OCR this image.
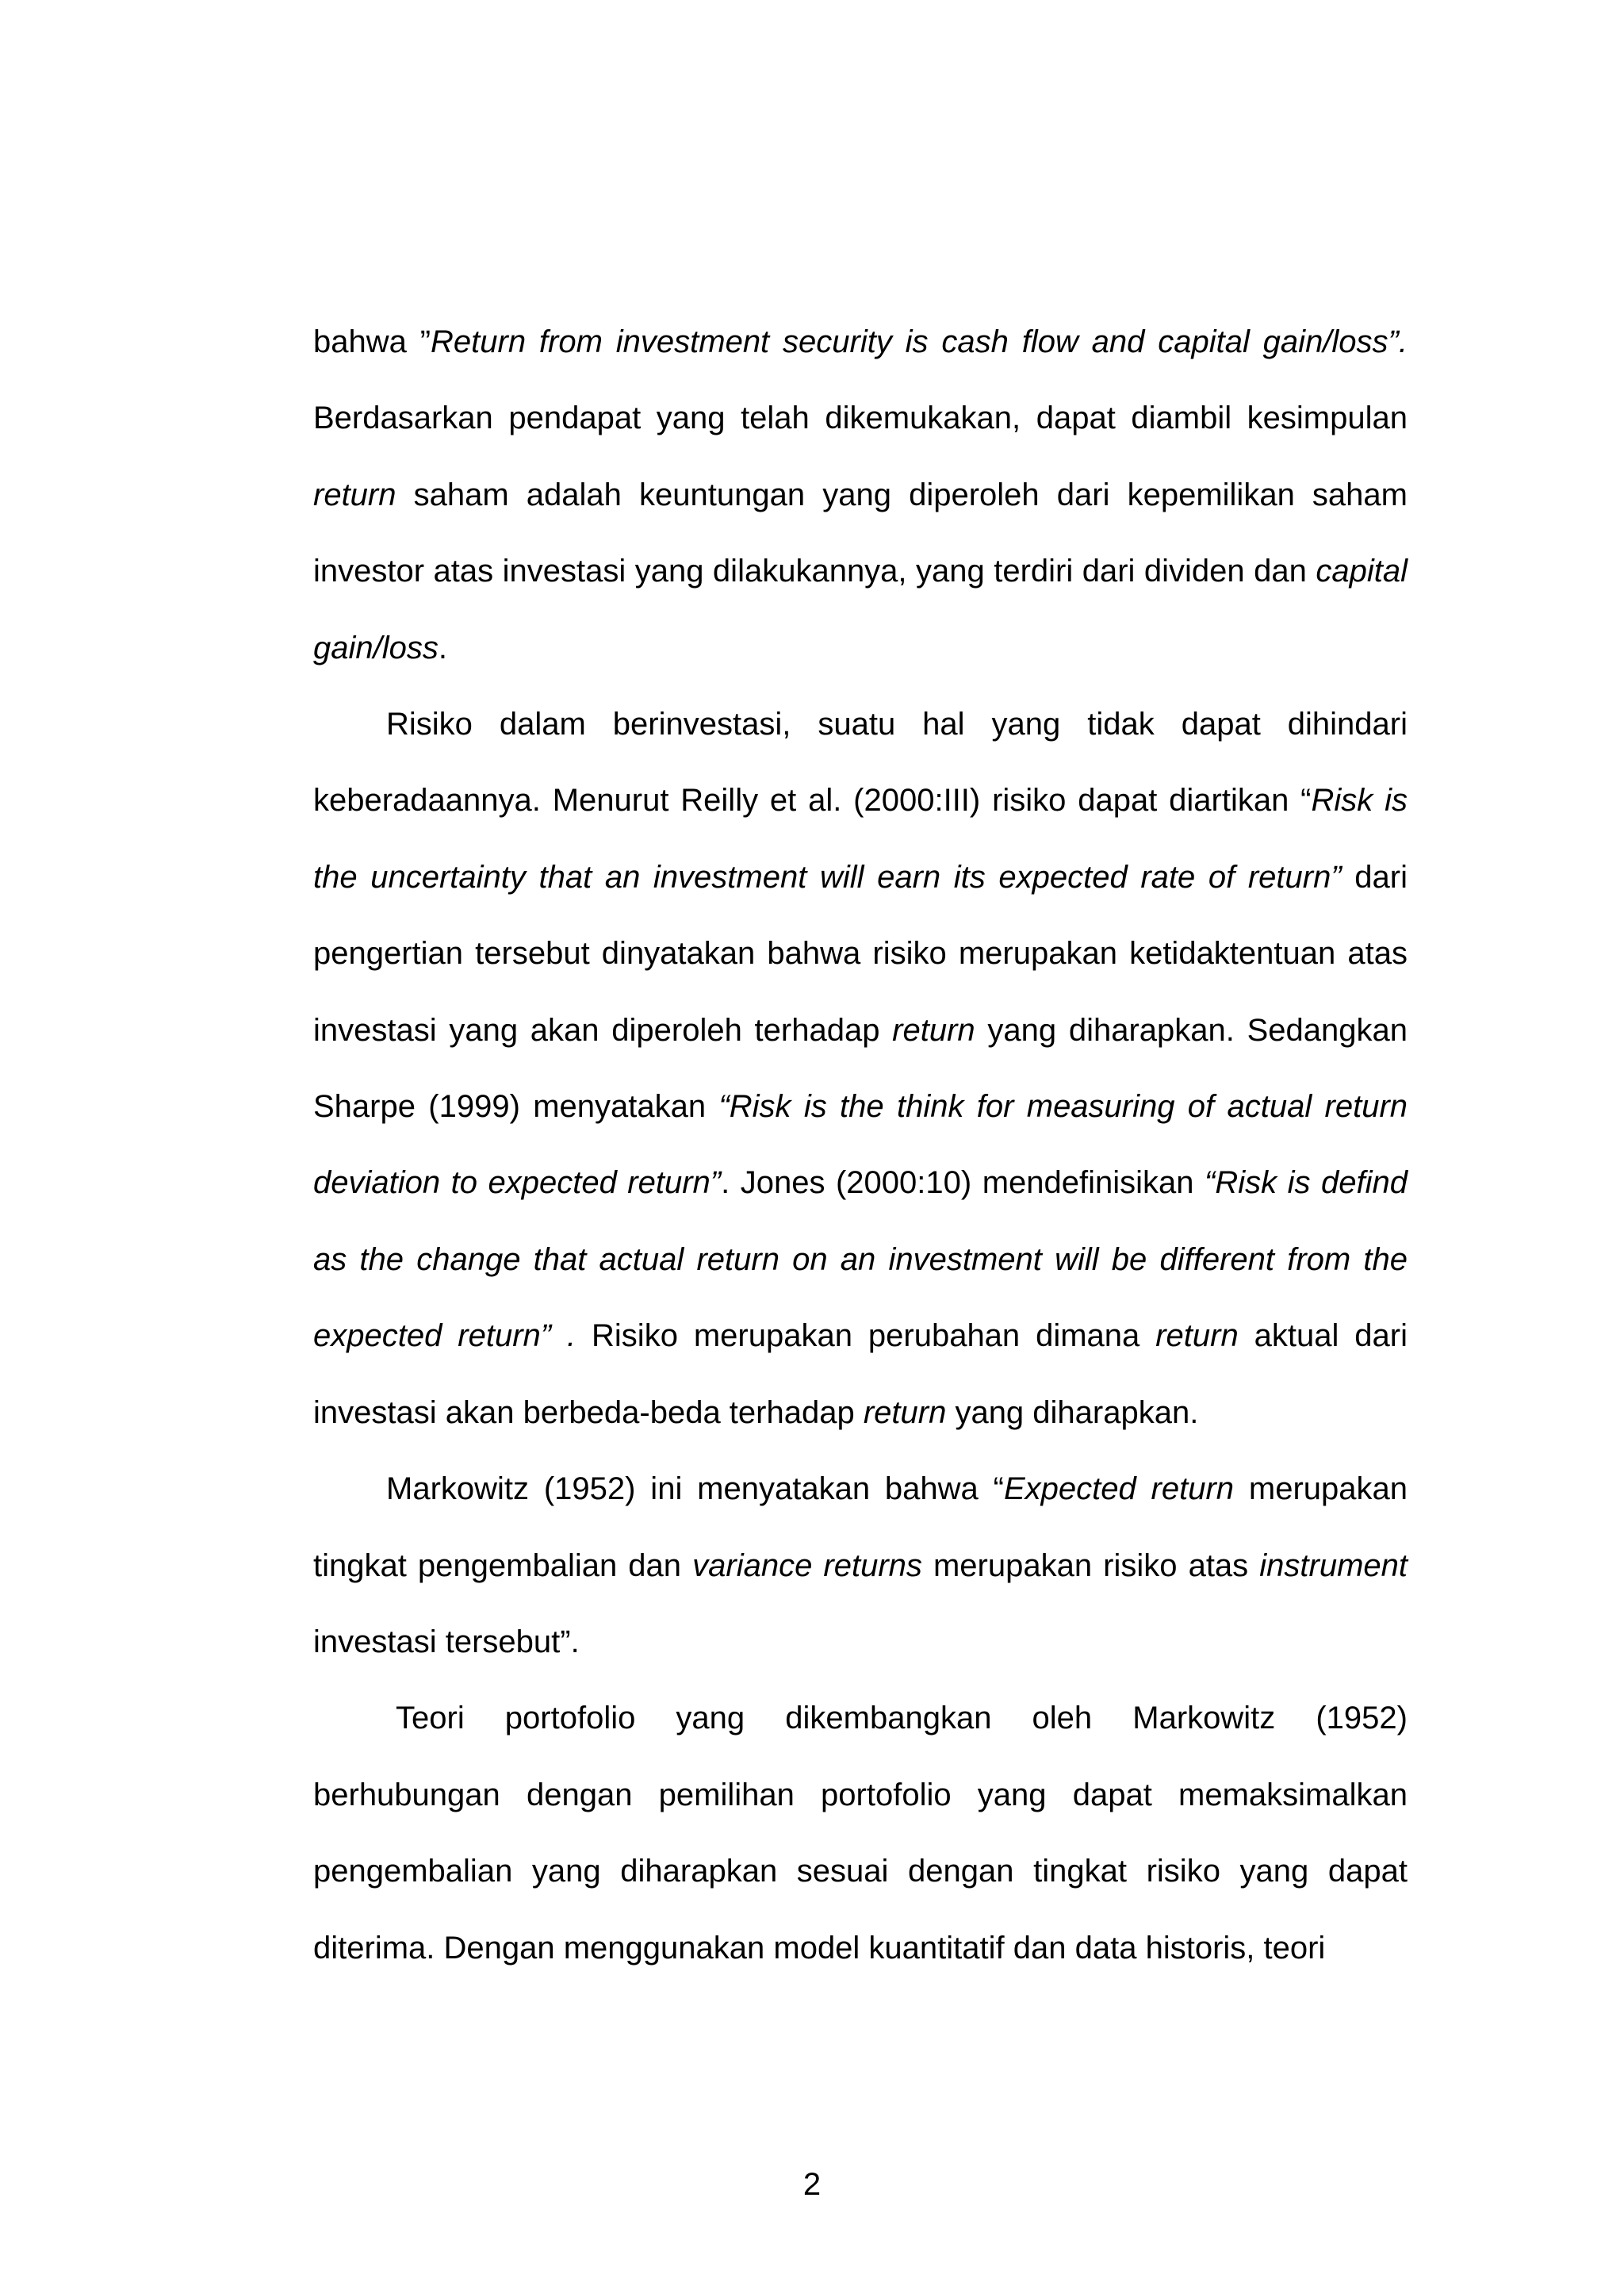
bahwa ”Return from investment security is cash flow and capital gain/loss”. Berdasarkan pendapat yang telah dikemukakan, dapat diambil kesimpulan return saham adalah keuntungan yang diperoleh dari kepemilikan saham investor atas investasi yang dilakukannya, yang terdiri dari dividen dan capital gain/loss.

Risiko dalam berinvestasi, suatu hal yang tidak dapat dihindari keberadaannya. Menurut Reilly et al. (2000:III) risiko dapat diartikan “Risk is the uncertainty that an investment will earn its expected rate of return” dari pengertian tersebut dinyatakan bahwa risiko merupakan ketidaktentuan atas investasi yang akan diperoleh terhadap return yang diharapkan. Sedangkan Sharpe (1999) menyatakan “Risk is the think for measuring of actual return deviation to expected return”. Jones (2000:10) mendefinisikan “Risk is defind as the change that actual return on an investment will be different from the expected return” . Risiko merupakan perubahan dimana return aktual dari investasi akan berbeda-beda terhadap return yang diharapkan.

Markowitz (1952) ini menyatakan bahwa “Expected return merupakan tingkat pengembalian dan variance returns merupakan risiko atas instrument investasi tersebut”.

Teori portofolio yang dikembangkan oleh Markowitz (1952) berhubungan dengan pemilihan portofolio yang dapat memaksimalkan pengembalian yang diharapkan sesuai dengan tingkat risiko yang dapat diterima. Dengan menggunakan model kuantitatif dan data historis, teori

2
